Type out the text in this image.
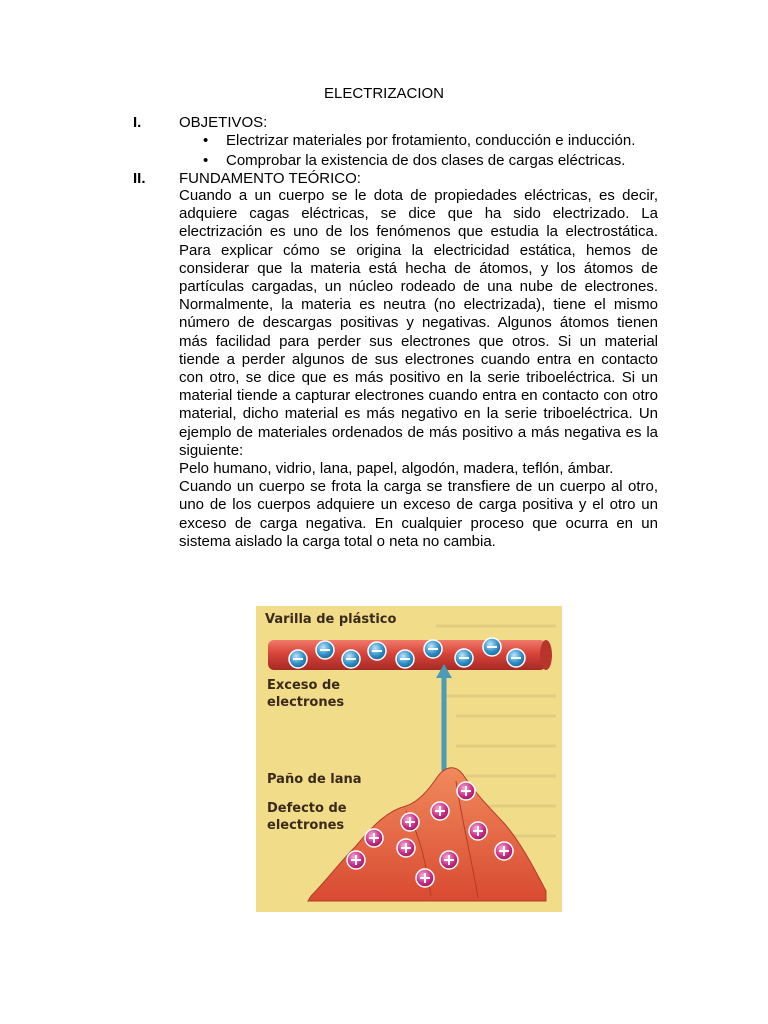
ELECTRIZACION
I.	OBJETIVOS:
• Electrizar materiales por frotamiento, conducción e inducción.
• Comprobar la existencia de dos clases de cargas eléctricas.
II. FUNDAMENTO TEÓRICO:

Cuando a un cuerpo se le dota de propiedades eléctricas, es decir, adquiere cagas eléctricas, se dice que ha sido electrizado. La electrización es uno de los fenómenos que estudia la electrostática. Para explicar cómo se origina la electricidad estática, hemos de considerar que la materia está hecha de átomos, y los átomos de partículas cargadas, un núcleo rodeado de una nube de electrones. Normalmente, la materia es neutra (no electrizada), tiene el mismo número de descargas positivas y negativas. Algunos átomos tienen más facilidad para perder sus electrones que otros. Si un material tiende a perder algunos de sus electrones cuando entra en contacto con otro, se dice que es más positivo en la serie triboeléctrica. Si un material tiende a capturar electrones cuando entra en contacto con otro material, dicho material es más negativo en la serie triboeléctrica. Un ejemplo de materiales ordenados de más positivo a más negativa es la siguiente:

Pelo humano, vidrio, lana, papel, algodón, madera, teflón, ámbar.

Cuando un cuerpo se frota la carga se transfiere de un cuerpo al otro, uno de los cuerpos adquiere un exceso de carga positiva y el otro un exceso de carga negativa. En cualquier proceso que ocurra en un sistema aislado la carga total o neta no cambia.

Varilla de plástico
Exceso de
electrones
Paño de lana
Defecto de
electrones
